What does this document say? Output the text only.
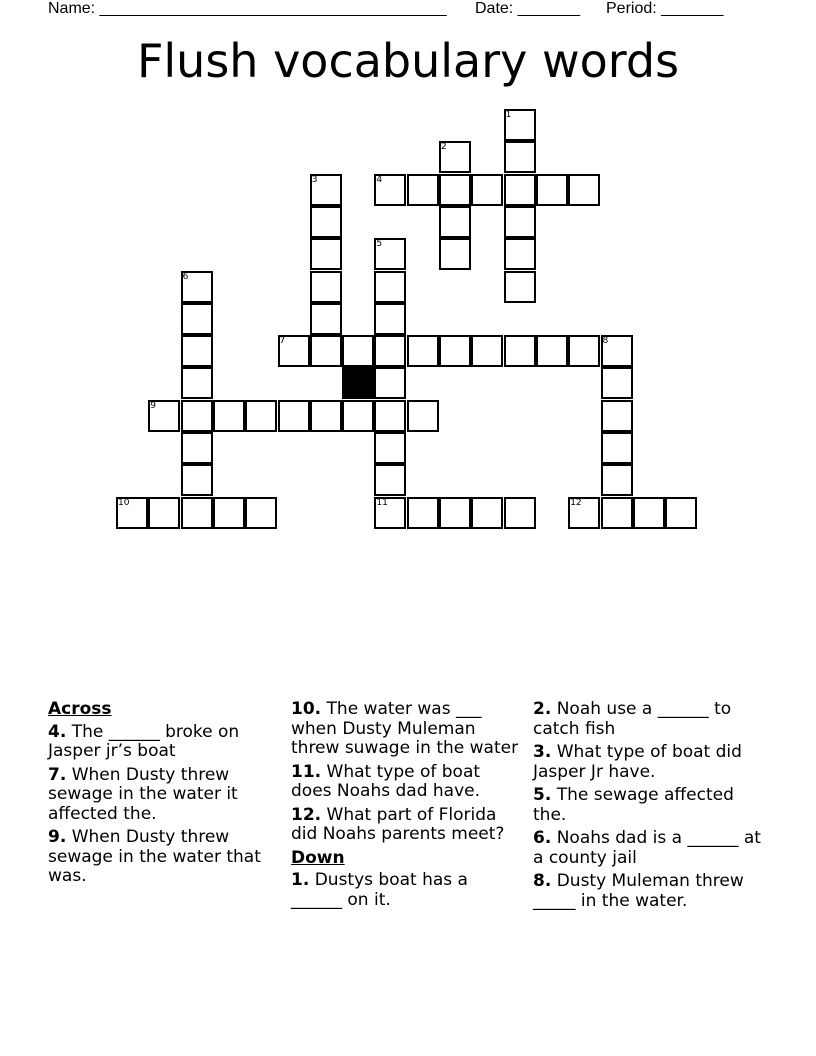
Name: _______________________________________ Date: _______ Period: _______
Flush vocabulary words
1
2
3	4
5
6
7	8
9
10	11	12
Across
4. The ______ broke on Jasper jr’s boat
7. When Dusty threw sewage in the water it affected the.
9. When Dusty threw sewage in the water that was.
10. The water was ___ when Dusty Muleman threw suwage in the water
11. What type of boat does Noahs dad have.
12. What part of Florida did Noahs parents meet?
Down
1. Dustys boat has a ______ on it.
2. Noah use a ______ to catch fish
3. What type of boat did Jasper Jr have.
5. The sewage affected the.
6. Noahs dad is a ______ at a county jail
8. Dusty Muleman threw _____ in the water.
